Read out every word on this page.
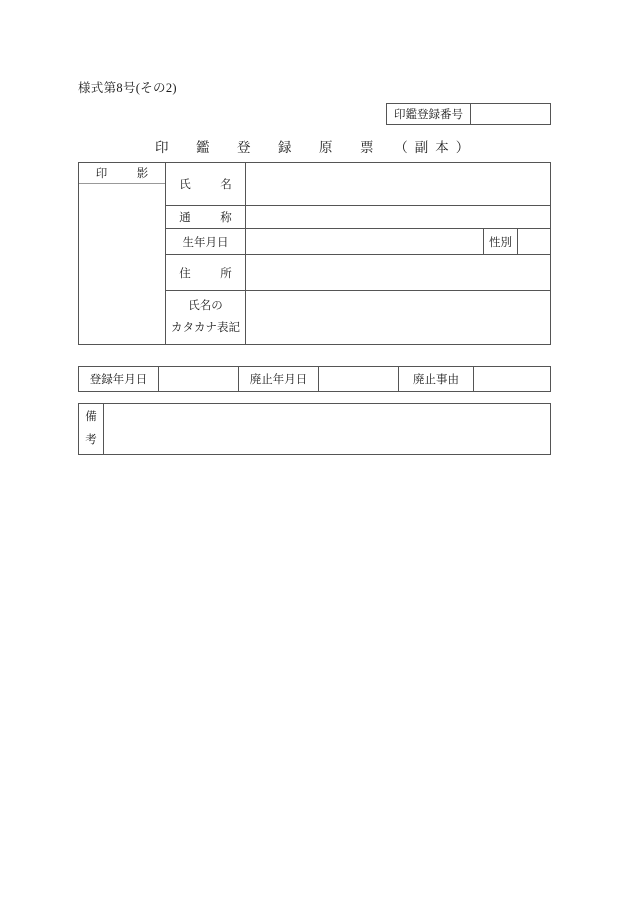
様式第8号(その2)
印鑑登録番号
印　鑑　登　録　原　票　（副本）
印　影
氏　名
通　称
生年月日	性別
住　所
氏名の
カタカナ表記
登録年月日	廃止年月日	廃止事由
備
考
